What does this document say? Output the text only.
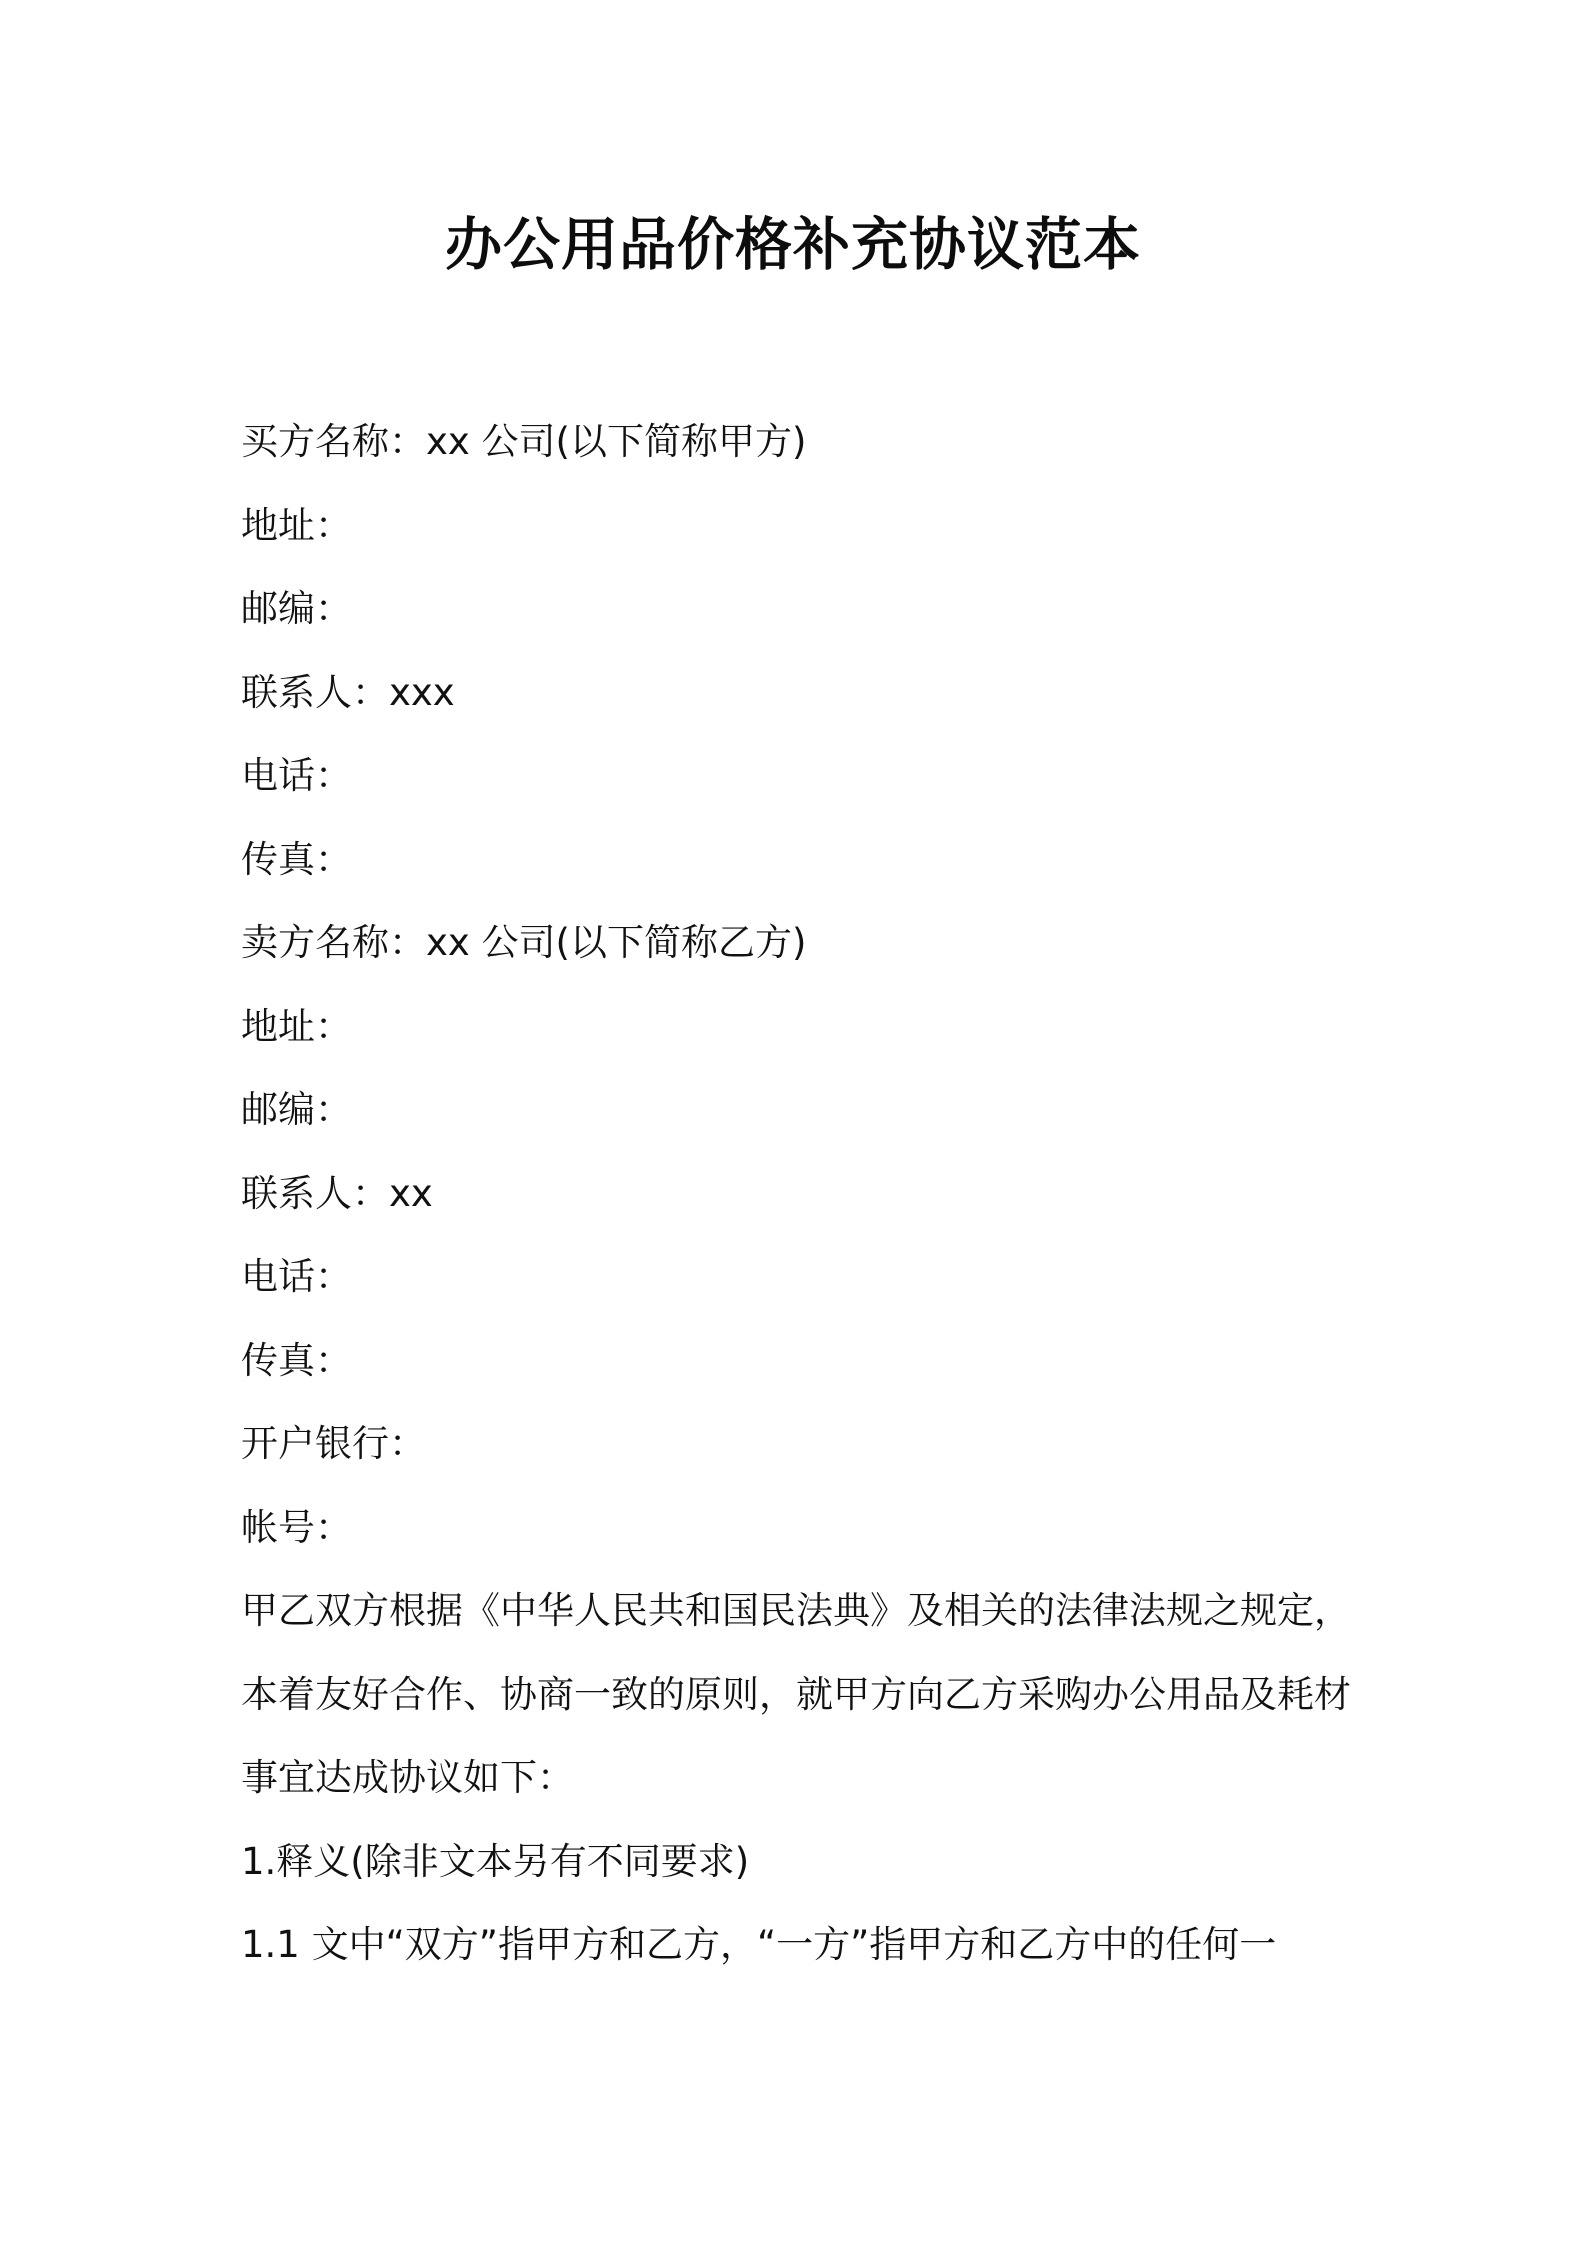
办公用品价格补充协议范本
买方名称：xx 公司(以下简称甲方)
地址：
邮编：
联系人：xxx
电话：
传真：
卖方名称：xx 公司(以下简称乙方)
地址：
邮编：
联系人：xx
电话：
传真：
开户银行：
帐号：
甲乙双方根据《中华人民共和国民法典》及相关的法律法规之规定，
本着友好合作、协商一致的原则，就甲方向乙方采购办公用品及耗材
事宜达成协议如下：
1.释义(除非文本另有不同要求)
1.1 文中“双方”指甲方和乙方，“一方”指甲方和乙方中的任何一
